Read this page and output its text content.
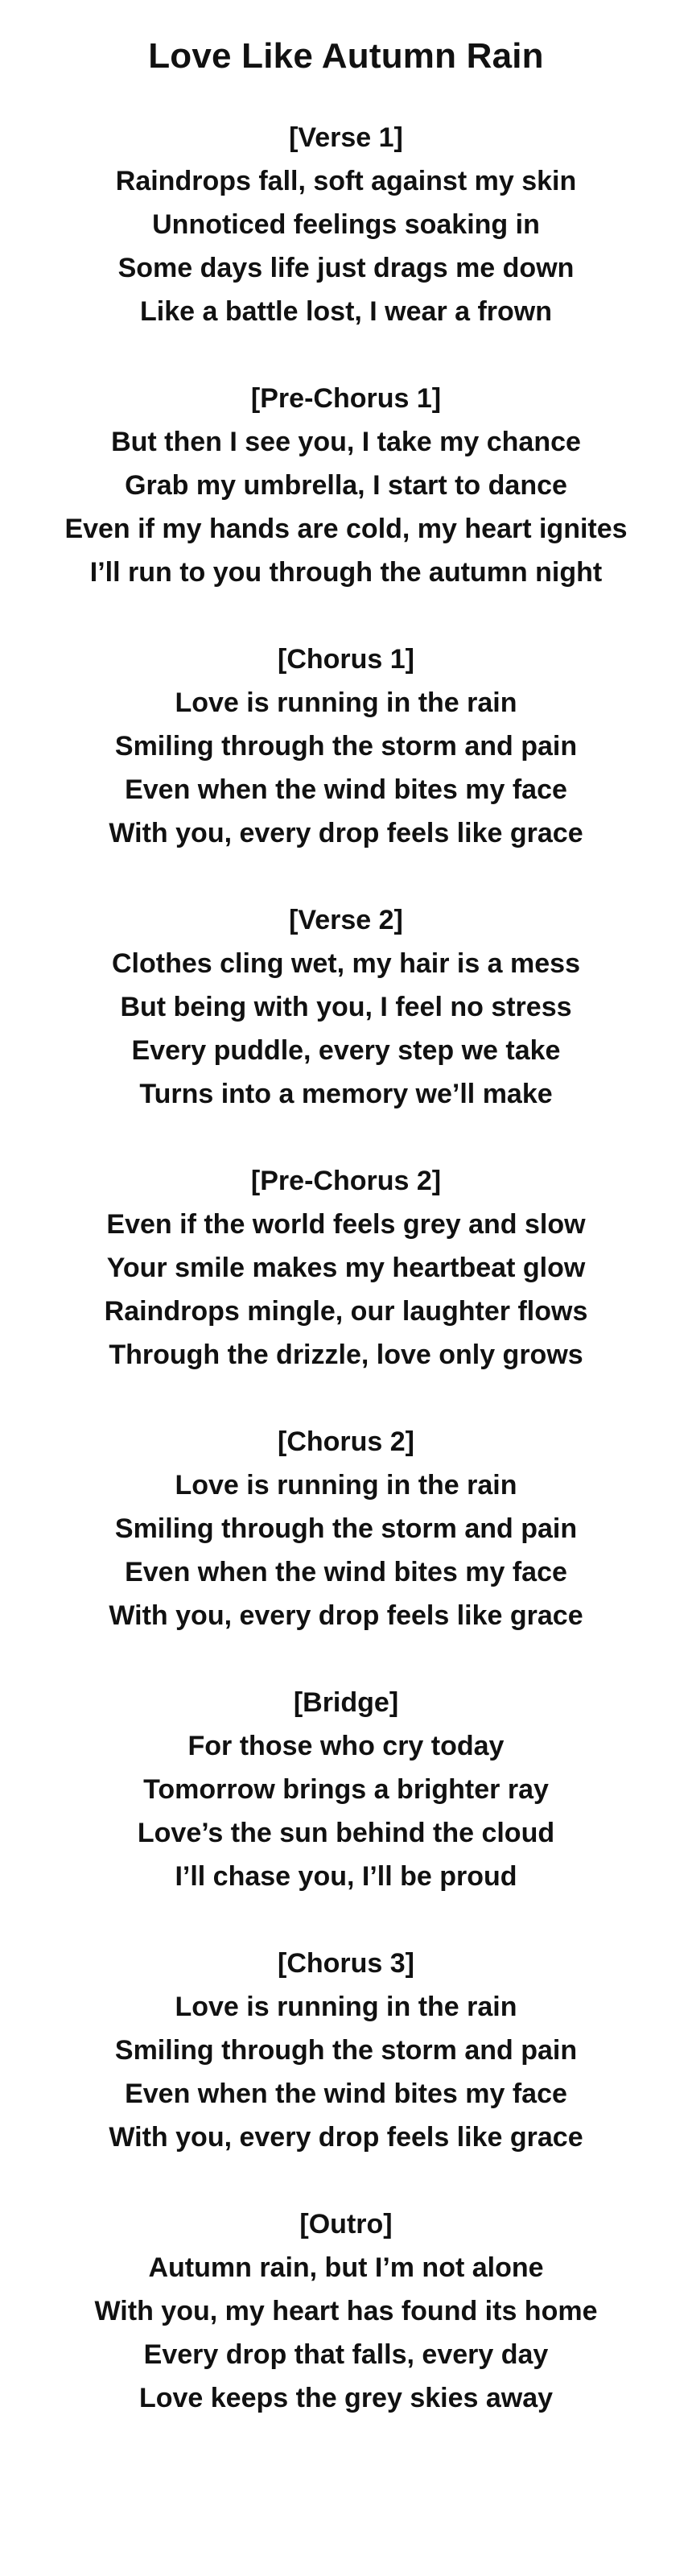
Love Like Autumn Rain
[Verse 1]
Raindrops fall, soft against my skin
Unnoticed feelings soaking in
Some days life just drags me down
Like a battle lost, I wear a frown
[Pre-Chorus 1]
But then I see you, I take my chance
Grab my umbrella, I start to dance
Even if my hands are cold, my heart ignites
I’ll run to you through the autumn night
[Chorus 1]
Love is running in the rain
Smiling through the storm and pain
Even when the wind bites my face
With you, every drop feels like grace
[Verse 2]
Clothes cling wet, my hair is a mess
But being with you, I feel no stress
Every puddle, every step we take
Turns into a memory we’ll make
[Pre-Chorus 2]
Even if the world feels grey and slow
Your smile makes my heartbeat glow
Raindrops mingle, our laughter flows
Through the drizzle, love only grows
[Chorus 2]
Love is running in the rain
Smiling through the storm and pain
Even when the wind bites my face
With you, every drop feels like grace
[Bridge]
For those who cry today
Tomorrow brings a brighter ray
Love’s the sun behind the cloud
I’ll chase you, I’ll be proud
[Chorus 3]
Love is running in the rain
Smiling through the storm and pain
Even when the wind bites my face
With you, every drop feels like grace
[Outro]
Autumn rain, but I’m not alone
With you, my heart has found its home
Every drop that falls, every day
Love keeps the grey skies away
